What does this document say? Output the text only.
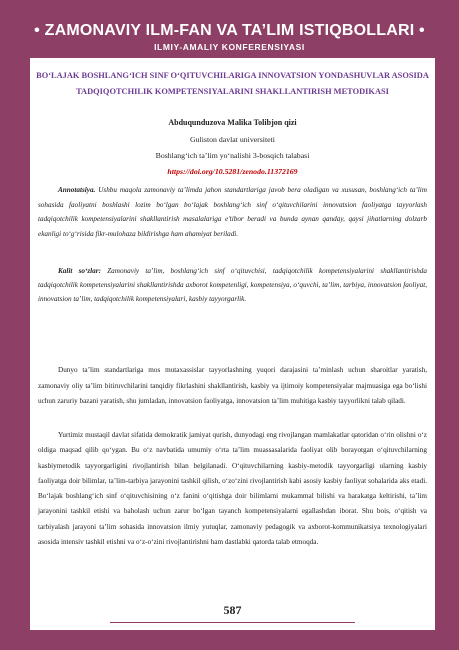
• ZAMONAVIY ILM-FAN VA TA’LIM ISTIQBOLLARI •
ILMIY-AMALIY KONFERENSIYASI
BO‘LAJAK BOSHLANG‘ICH SINF O‘QITUVCHILARIGA INNOVATSION YONDASHUVLAR ASOSIDA TADQIQOTCHILIK KOMPETENSIYALARINI SHAKLLANTIRISH METODIKASI
Abduqunduzova Malika Tolibjon qizi
Guliston davlat universiteti
Boshlang‘ich ta’lim yo‘nalishi 3-bosqich talabasi
https://doi.org/10.5281/zenodo.11372169

Annotatsiya. Ushbu maqola zamonaviy ta’limda jahon standartlariga javob bera oladigan va xususan, boshlang‘ich ta’lim sohasida faoliyatni boshlashi lozim bo‘lgan bo‘lajak boshlang‘ich sinf o‘qituvchilarini innovatsion faoliyatga tayyorlash tadqiqotchilik kompetensiyalarini shakllantirish masalalariga e’tibor beradi va bunda aynan qanday, qaysi jihatlarning dolzarb ekanligi to‘g‘risida fikr-mulohaza bildirishga ham ahamiyat beriladi.

Kalit so‘zlar: Zamonaviy ta’lim, boshlang‘ich sinf o‘qituvchisi, tadqiqotchilik kompetensiyalarini shakllantirishda tadqiqotchilik kompetensiyalarini shakllantirishda axborot kompetenligi, kompetensiya, o‘quvchi, ta’lim, tarbiya, innovatsion faoliyat, innovatsion ta’lim, tadqiqotchilik kompetensiyalari, kasbiy tayyorgarlik.

Dunyo ta’lim standartlariga mos mutaxassislar tayyorlashning yuqori darajasini ta’minlash uchun sharoitlar yaratish, zamonaviy oliy ta’lim bitiruvchilarini tanqidiy fikrlashini shakllantirish, kasbiy va ijtimoiy kompetensiyalar majmuasiga ega bo‘lishi uchun zaruriy bazani yaratish, shu jumladan, innovatsion faoliyatga, innovatsion ta’lim muhitiga kasbiy tayyorlikni talab qiladi.

Yurtimiz mustaqil davlat sifatida demokratik jamiyat qurish, dunyodagi eng rivojlangan mamlakatlar qatoridan o‘rin olishni o‘z oldiga maqsad qilib qo‘ygan. Bu o‘z navbatida umumiy o‘rta ta’lim muassasalarida faoliyat olib borayotgan o‘qituvchilarning kasbiymetodik tayyorgarligini rivojlantirish bilan belgilanadi. O‘qituvchilarning kasbiy-metodik tayyorgarligi ularning kasbiy faoliyatga doir bilimlar, ta’lim-tarbiya jarayonini tashkil qilish, o‘zo‘zini rivojlantirish kabi asosiy kasbiy faoliyat sohalarida aks etadi. Bo‘lajak boshlang‘ich sinf o‘qituvchisining o‘z fanini o‘qitishga doir bilimlarni mukammal bilishi va harakatga keltirishi, ta’lim jarayonini tashkil etishi va baholash uchun zarur bo‘lgan tayanch kompetensiyalarni egallashdan iborat. Shu bois, o‘qitish va tarbiyalash jarayoni ta’lim sohasida innovatsion ilmiy yutuqlar, zamonaviy pedagogik va axborot-kommunikatsiya texnologiyalari asosida intensiv tashkil etishni va o‘z-o‘zini rivojlantirishni ham dastlabki qatorda talab etmoqda.

587
